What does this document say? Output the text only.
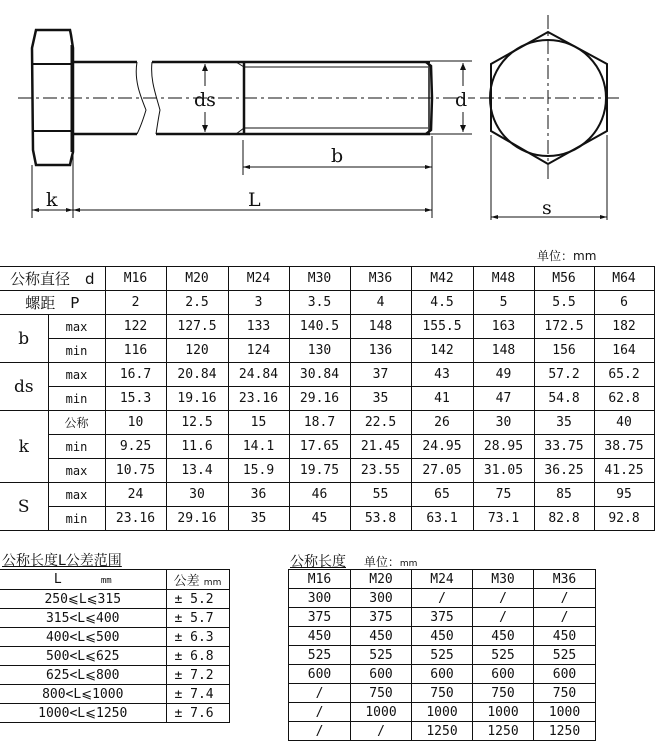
ds	d
b
k	L	s
单位：mm
公称直径　d		M16	M20	M24	M30	M36	M42	M48	M56	M64
螺距　P		2	2.5	3	3.5	4	4.5	5	5.5	6
b	max	122	127.5	133	140.5	148	155.5	163	172.5	182
	min	116	120	124	130	136	142	148	156	164
ds	max	16.7	20.84	24.84	30.84	37	43	49	57.2	65.2
	min	15.3	19.16	23.16	29.16	35	41	47	54.8	62.8
k	公称	10	12.5	15	18.7	22.5	26	30	35	40
	min	9.25	11.6	14.1	17.65	21.45	24.95	28.95	33.75	38.75
	max	10.75	13.4	15.9	19.75	23.55	27.05	31.05	36.25	41.25
S	max	24	30	36	46	55	65	75	85	95
	min	23.16	29.16	35	45	53.8	63.1	73.1	82.8	92.8
公称长度L公差范围
L mm	公差 mm
250⩽L⩽315	± 5.2
315<L⩽400	± 5.7
400<L⩽500	± 6.3
500<L⩽625	± 6.8
625<L⩽800	± 7.2
800<L⩽1000	± 7.4
1000<L⩽1250	± 7.6
公称长度 单位：mm
M16	M20	M24	M30	M36
300	300	/	/	/
375	375	375	/	/
450	450	450	450	450
525	525	525	525	525
600	600	600	600	600
/	750	750	750	750
/	1000	1000	1000	1000
/	/	1250	1250	1250
